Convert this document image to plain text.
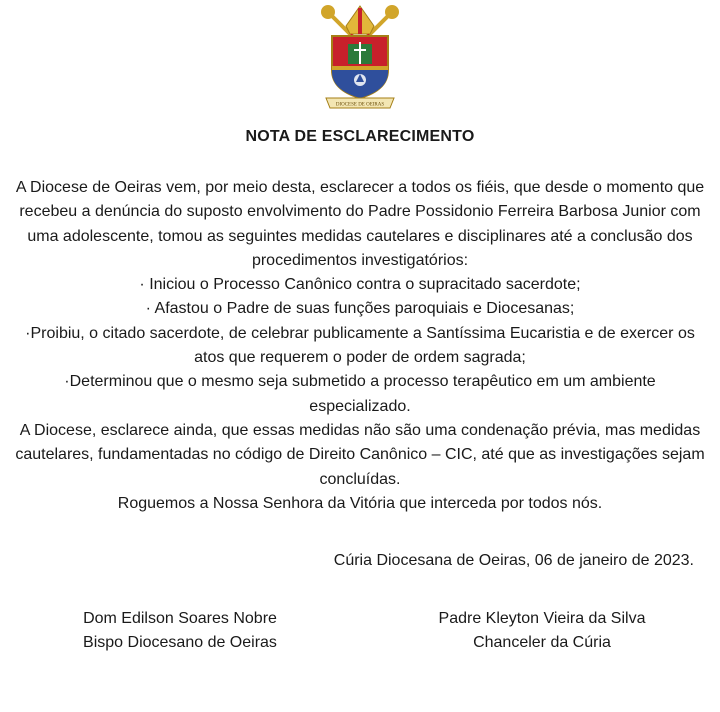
DIOCESE DE OEIRAS
NOTA DE ESCLARECIMENTO

A Diocese de Oeiras vem, por meio desta, esclarecer a todos os fiéis, que desde o momento que recebeu a denúncia do suposto envolvimento do Padre Possidonio Ferreira Barbosa Junior com uma adolescente, tomou as seguintes medidas cautelares e disciplinares até a conclusão dos procedimentos investigatórios:

· Iniciou o Processo Canônico contra o supracitado sacerdote;

· Afastou o Padre de suas funções paroquiais e Diocesanas;

·Proibiu, o citado sacerdote, de celebrar publicamente a Santíssima Eucaristia e de exercer os atos que requerem o poder de ordem sagrada;

·Determinou que o mesmo seja submetido a processo terapêutico em um ambiente especializado.

A Diocese, esclarece ainda, que essas medidas não são uma condenação prévia, mas medidas cautelares, fundamentadas no código de Direito Canônico – CIC, até que as investigações sejam concluídas.

Roguemos a Nossa Senhora da Vitória que interceda por todos nós.

Cúria Diocesana de Oeiras, 06 de janeiro de 2023.
Dom Edilson Soares Nobre
Bispo Diocesano de Oeiras
Padre Kleyton Vieira da Silva
Chanceler da Cúria
